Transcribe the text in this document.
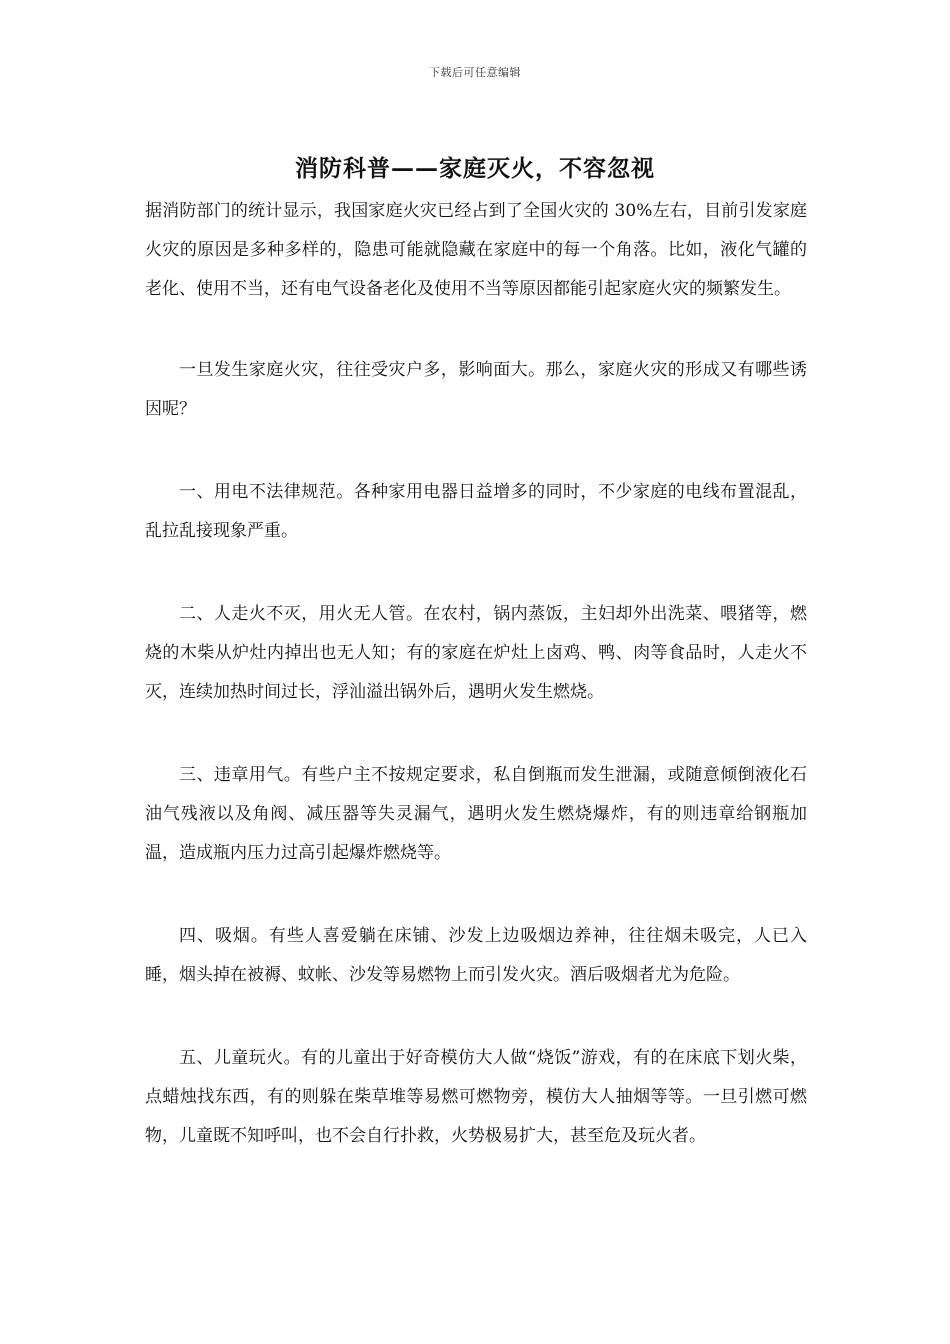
下载后可任意编辑
消防科普——家庭灭火，不容忽视

据消防部门的统计显示，我国家庭火灾已经占到了全国火灾的 30%左右，目前引发家庭火灾的原因是多种多样的，隐患可能就隐藏在家庭中的每一个角落。比如，液化气罐的老化、使用不当，还有电气设备老化及使用不当等原因都能引起家庭火灾的频繁发生。

一旦发生家庭火灾，往往受灾户多，影响面大。那么，家庭火灾的形成又有哪些诱因呢？

一、用电不法律规范。各种家用电器日益增多的同时，不少家庭的电线布置混乱，乱拉乱接现象严重。

二、人走火不灭，用火无人管。在农村，锅内蒸饭，主妇却外出洗菜、喂猪等，燃烧的木柴从炉灶内掉出也无人知；有的家庭在炉灶上卤鸡、鸭、肉等食品时，人走火不灭，连续加热时间过长，浮汕溢出锅外后，遇明火发生燃烧。

三、违章用气。有些户主不按规定要求，私自倒瓶而发生泄漏，或随意倾倒液化石油气残液以及角阀、减压器等失灵漏气，遇明火发生燃烧爆炸，有的则违章给钢瓶加温，造成瓶内压力过高引起爆炸燃烧等。

四、吸烟。有些人喜爱躺在床铺、沙发上边吸烟边养神，往往烟未吸完，人已入睡，烟头掉在被褥、蚊帐、沙发等易燃物上而引发火灾。酒后吸烟者尤为危险。

五、儿童玩火。有的儿童出于好奇模仿大人做“烧饭”游戏，有的在床底下划火柴，点蜡烛找东西，有的则躲在柴草堆等易燃可燃物旁，模仿大人抽烟等等。一旦引燃可燃物，儿童既不知呼叫，也不会自行扑救，火势极易扩大，甚至危及玩火者。
